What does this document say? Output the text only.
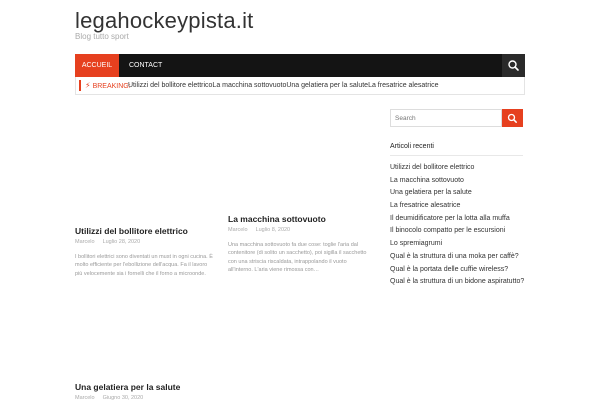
legahockeypista.it
Blog tutto sport
ACCUEIL	CONTACT
⚡ BREAKING:
Utilizzi del bollitore elettricoLa macchina sottovuotoUna gelatiera per la saluteLa fresatrice alesatrice
Utilizzi del bollitore elettrico
Marcelo Luglio 28, 2020
I bollitori elettrici sono diventati un must in ogni cucina. È molto efficiente per l'ebollizione dell'acqua. Fa il lavoro più velocemente sia i fornelli che il forno a microonde.
La macchina sottovuoto
Marcelo Luglio 8, 2020
Una macchina sottovuoto fa due cose: toglie l'aria dal contenitore (di solito un sacchetto), poi sigilla il sacchetto con una striscia riscaldata, intrappolando il vuoto all'interno. L'aria viene rimossa con…
Una gelatiera per la salute
Marcelo Giugno 30, 2020
Search
Articoli recenti
Utilizzi del bollitore elettrico
La macchina sottovuoto
Una gelatiera per la salute
La fresatrice alesatrice
Il deumidificatore per la lotta alla muffa
Il binocolo compatto per le escursioni
Lo spremiagrumi
Qual è la struttura di una moka per caffè?
Qual è la portata delle cuffie wireless?
Qual è la struttura di un bidone aspiratutto?
